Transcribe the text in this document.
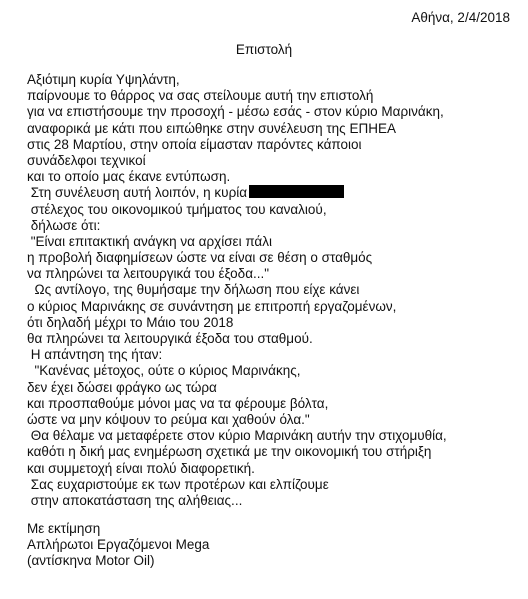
Αθήνα, 2/4/2018
Επιστολή
Αξιότιμη κυρία Υψηλάντη,
παίρνουμε το θάρρος να σας στείλουμε αυτή την επιστολή
για να επιστήσουμε την προσοχή - μέσω εσάς - στον κύριο Μαρινάκη,
αναφορικά με κάτι που ειπώθηκε στην συνέλευση της ΕΠΗΕΑ
στις 28 Μαρτίου, στην οποία είμασταν παρόντες κάποιοι
συνάδελφοι τεχνικοί
και το οποίο μας έκανε εντύπωση.
Στη συνέλευση αυτή λοιπόν, η κυρία
στέλεχος του οικονομικού τμήματος του καναλιού,
δήλωσε ότι:
"Είναι επιτακτική ανάγκη να αρχίσει πάλι
η προβολή διαφημίσεων ώστε να είναι σε θέση ο σταθμός
να πληρώνει τα λειτουργικά του έξοδα..."
Ως αντίλογο, της θυμήσαμε την δήλωση που είχε κάνει
ο κύριος Μαρινάκης σε συνάντηση με επιτροπή εργαζομένων,
ότι δηλαδή μέχρι το Μάιο του 2018
θα πληρώνει τα λειτουργικά έξοδα του σταθμού.
Η απάντηση της ήταν:
"Κανένας μέτοχος, ούτε ο κύριος Μαρινάκης,
δεν έχει δώσει φράγκο ως τώρα
και προσπαθούμε μόνοι μας να τα φέρουμε βόλτα,
ώστε να μην κόψουν το ρεύμα και χαθούν όλα."
Θα θέλαμε να μεταφέρετε στον κύριο Μαρινάκη αυτήν την στιχομυθία,
καθότι η δική μας ενημέρωση σχετικά με την οικονομική του στήριξη
και συμμετοχή είναι πολύ διαφορετική.
Σας ευχαριστούμε εκ των προτέρων και ελπίζουμε
στην αποκατάσταση της αλήθειας...
Με εκτίμηση
Απλήρωτοι Εργαζόμενοι Mega
(αντίσκηνα Motor Oil)
